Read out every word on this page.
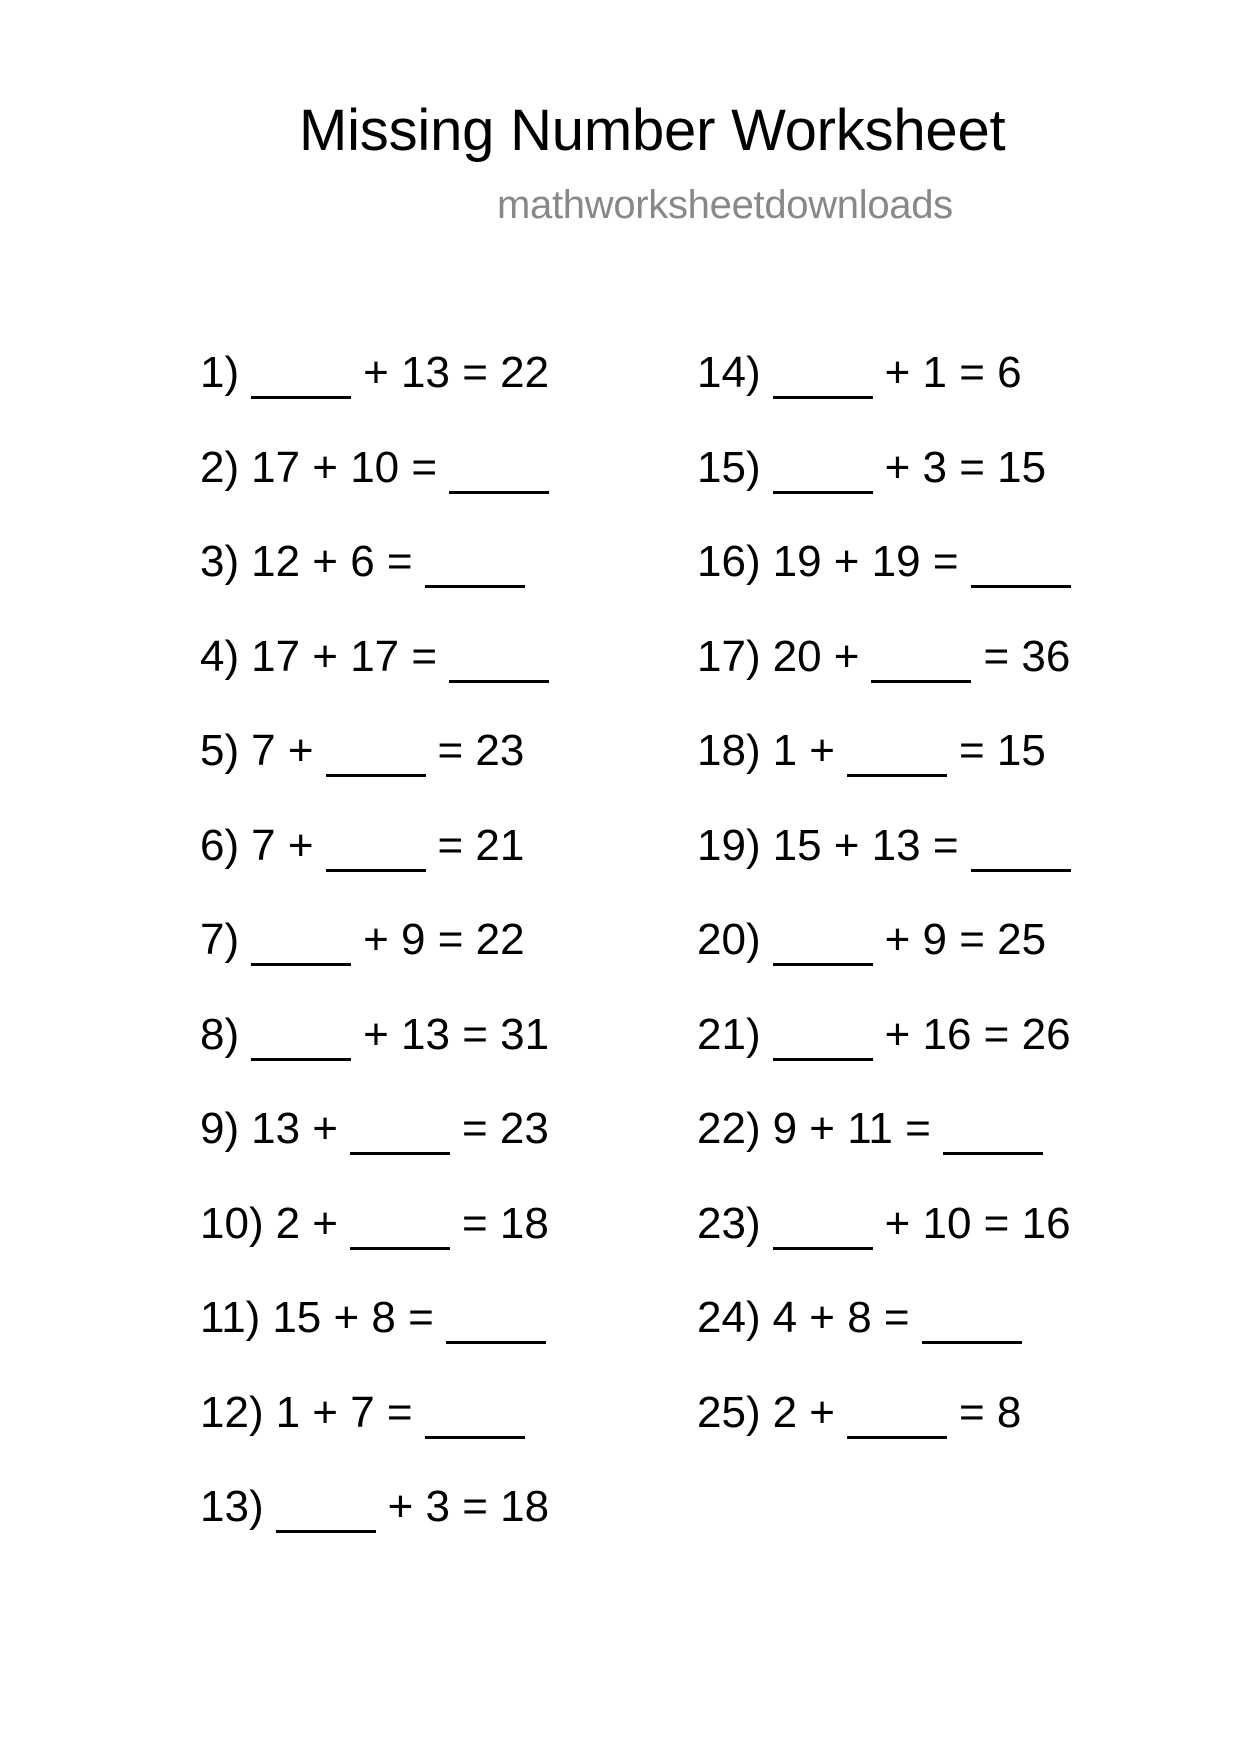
Missing Number Worksheet
mathworksheetdownloads
1)	+ 13 = 22
2) 17 + 10 =
3) 12 + 6 =
4) 17 + 17 =
5) 7 +	= 23
6) 7 +	= 21
7)	+ 9 = 22
8)	+ 13 = 31
9) 13 +	= 23
10) 2 +	= 18
11) 15 + 8 =
12) 1 + 7 =
13)	+ 3 = 18
14)	+ 1 = 6
15)	+ 3 = 15
16) 19 + 19 =
17) 20 +	= 36
18) 1 +	= 15
19) 15 + 13 =
20)	+ 9 = 25
21)	+ 16 = 26
22) 9 + 11 =
23)	+ 10 = 16
24) 4 + 8 =
25) 2 +	= 8
